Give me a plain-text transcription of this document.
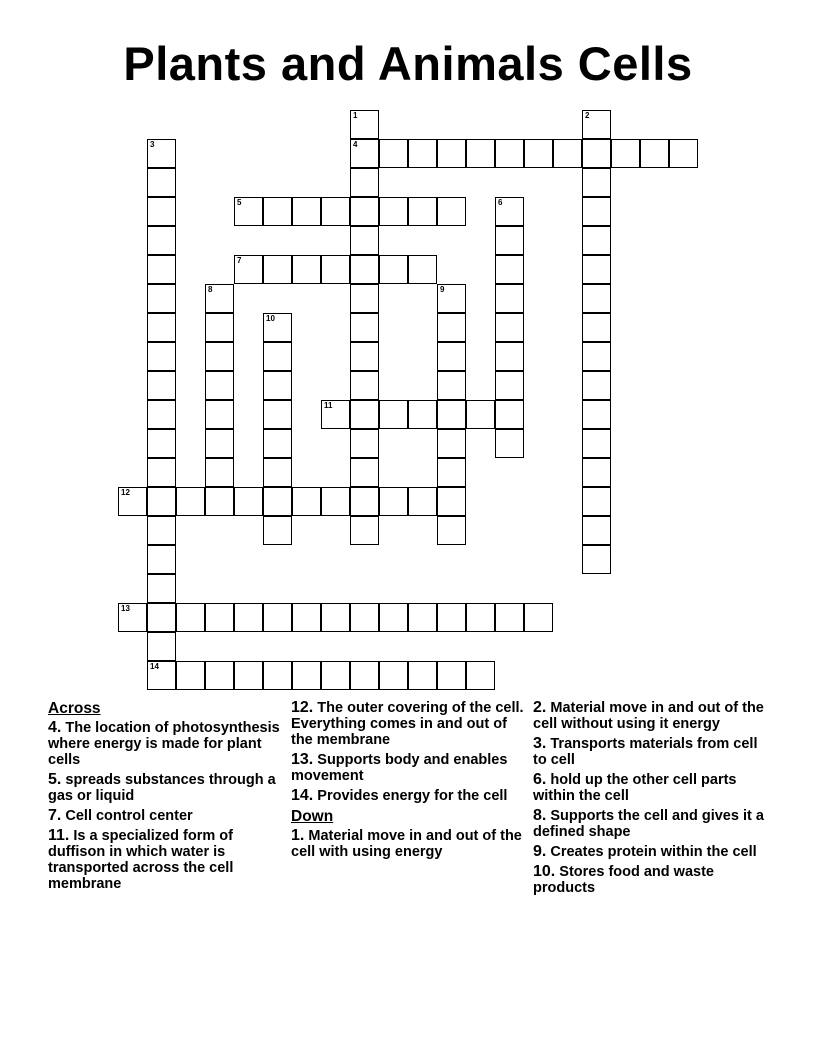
Plants and Animals Cells
1
4
2
3
14
5	6
7
8	9
10
11
12
13
Across
4. The location of photosynthesis where energy is made for plant cells
5. spreads substances through a gas or liquid
7. Cell control center
11. Is a specialized form of duffison in which water is transported across the cell membrane
12. The outer covering of the cell. Everything comes in and out of the membrane
13. Supports body and enables movement
14. Provides energy for the cell
Down
1. Material move in and out of the cell with using energy
2. Material move in and out of the cell without using it energy
3. Transports materials from cell to cell
6. hold up the other cell parts within the cell
8. Supports the cell and gives it a defined shape
9. Creates protein within the cell
10. Stores food and waste products
